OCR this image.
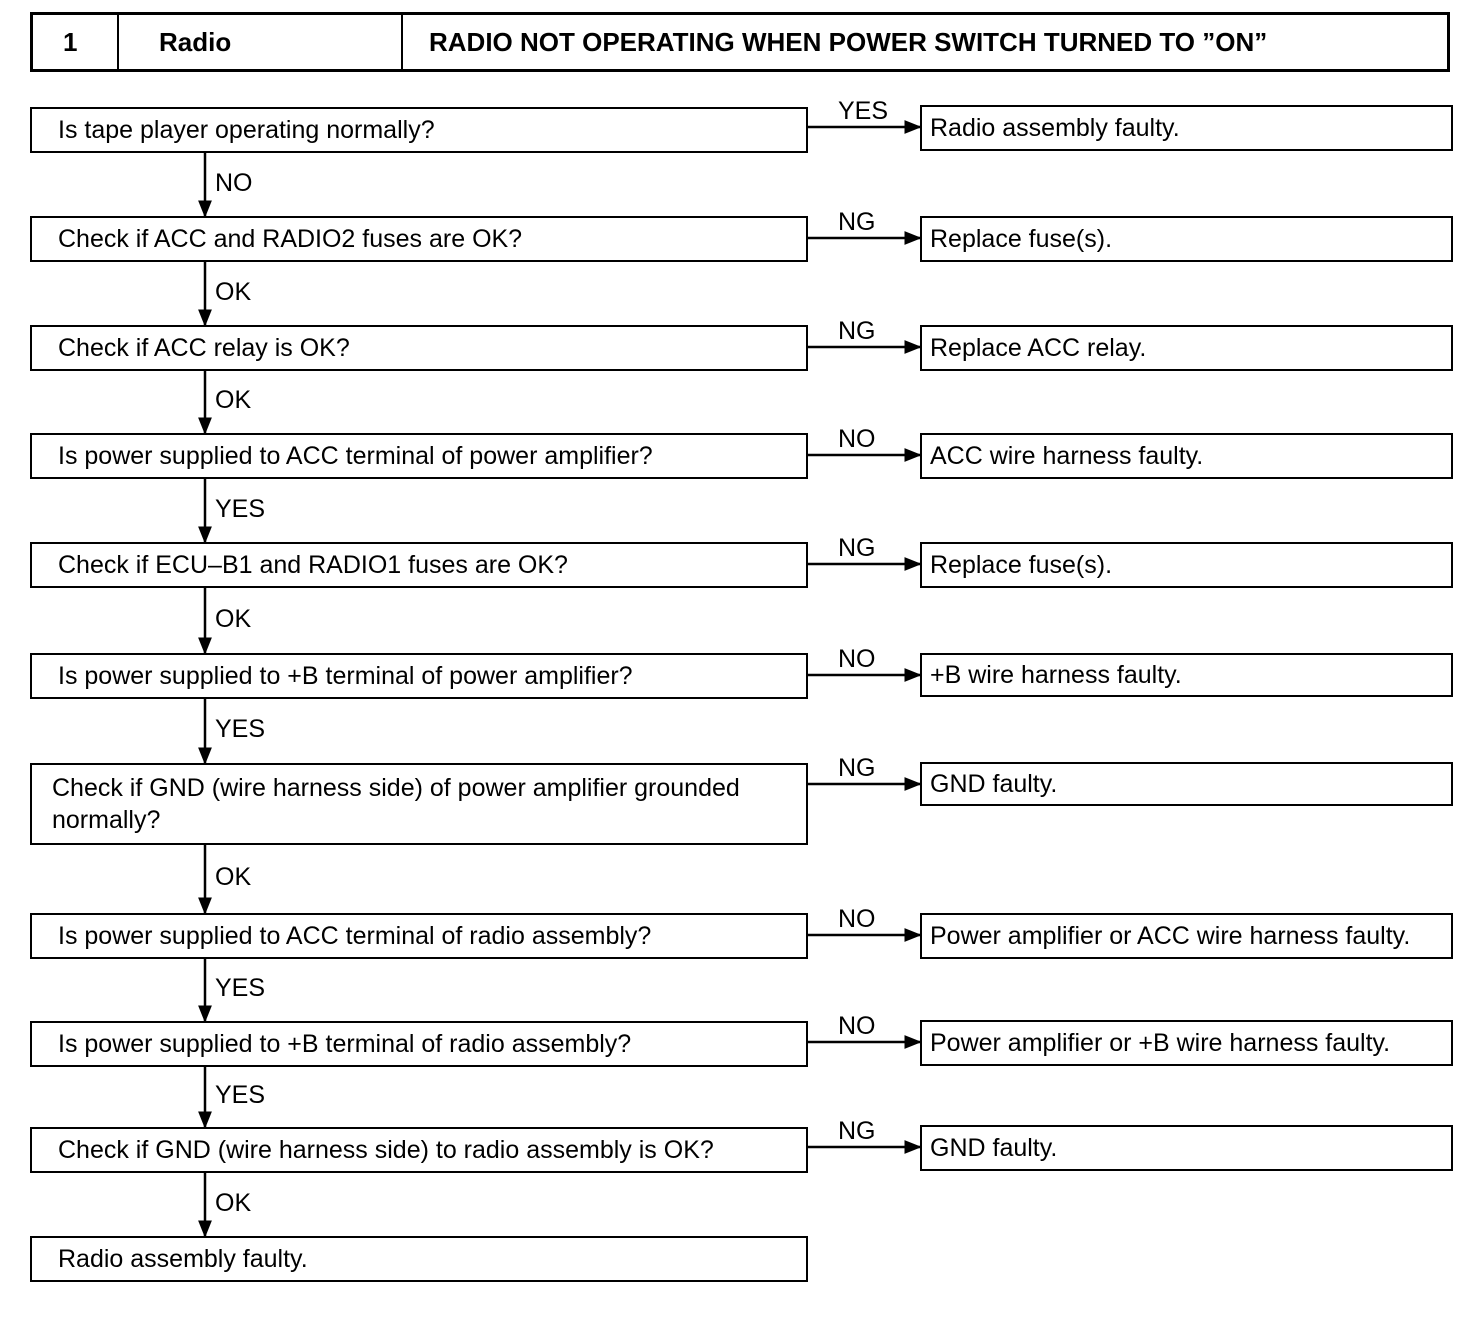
1	Radio	RADIO NOT OPERATING WHEN POWER SWITCH TURNED TO ”ON”
Is tape player operating normally?	Radio assembly faulty.
YES
NO
Check if ACC and RADIO2 fuses are OK?	Replace fuse(s).
NG
OK
Check if ACC relay is OK?	Replace ACC relay.
NG
OK
Is power supplied to ACC terminal of power amplifier?	ACC wire harness faulty.
NO
YES
Check if ECU–B1 and RADIO1 fuses are OK?	Replace fuse(s).
NG
OK
Is power supplied to +B terminal of power amplifier?	+B wire harness faulty.
NO
YES
Check if GND (wire harness side) of power amplifier grounded normally?
GND faulty.
NG
OK
Is power supplied to ACC terminal of radio assembly?	Power amplifier or ACC wire harness faulty.
NO
YES
Is power supplied to +B terminal of radio assembly?	Power amplifier or +B wire harness faulty.
NO
YES
Check if GND (wire harness side) to radio assembly is OK?	GND faulty.
NG
OK
Radio assembly faulty.
